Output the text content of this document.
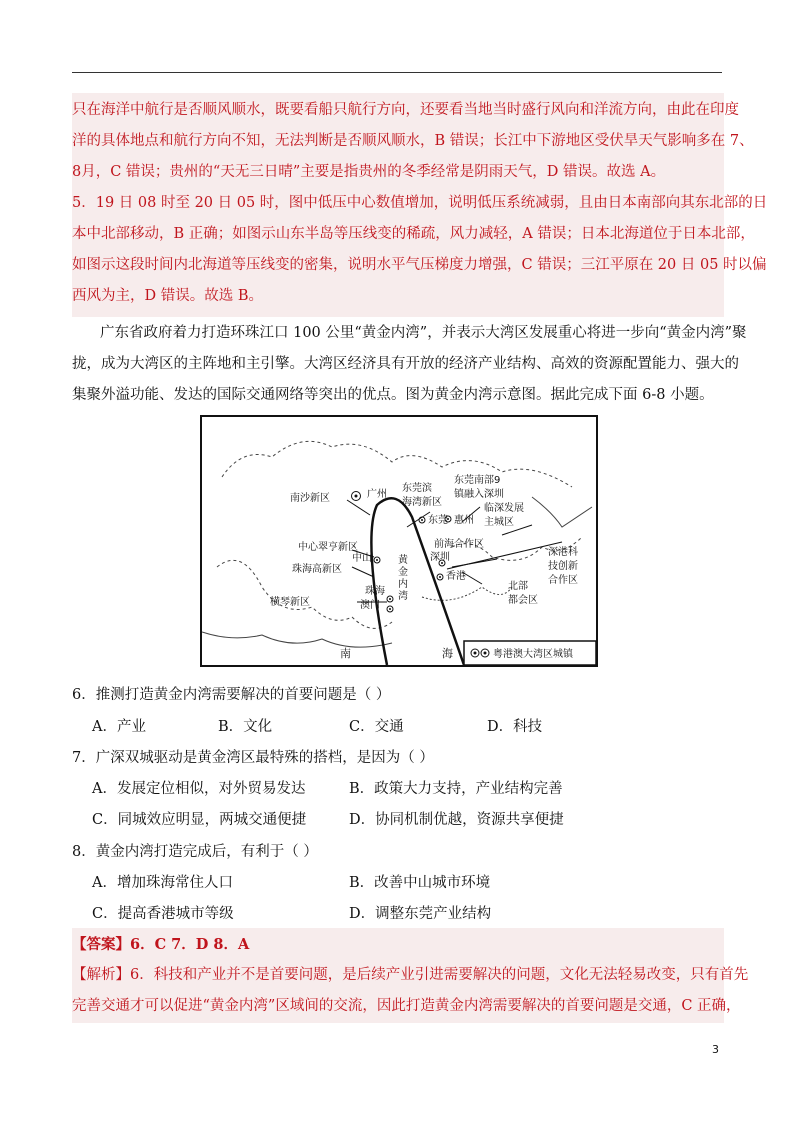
只在海洋中航行是否顺风顺水，既要看船只航行方向，还要看当地当时盛行风向和洋流方向，由此在印度
洋的具体地点和航行方向不知，无法判断是否顺风顺水，B 错误；长江中下游地区受伏旱天气影响多在 7、
8月，C 错误；贵州的“天无三日晴”主要是指贵州的冬季经常是阴雨天气，D 错误。故选 A。
5．19 日 08 时至 20 日 05 时，图中低压中心数值增加，说明低压系统减弱，且由日本南部向其东北部的日
本中北部移动，B 正确；如图示山东半岛等压线变的稀疏，风力减轻，A 错误；日本北海道位于日本北部，
如图示这段时间内北海道等压线变的密集，说明水平气压梯度力增强，C 错误；三江平原在 20 日 05 时以偏
西风为主，D 错误。故选 B。
广东省政府着力打造环珠江口 100 公里“黄金内湾”，并表示大湾区发展重心将进一步向“黄金内湾”聚
拢，成为大湾区的主阵地和主引擎。大湾区经济具有开放的经济产业结构、高效的资源配置能力、强大的
集聚外溢功能、发达的国际交通网络等突出的优点。图为黄金内湾示意图。据此完成下面 6-8 小题。
南沙新区	广州
东莞滨
海湾新区
东莞
东莞南部9
镇融入深圳
惠州
临深发展
主城区
中心翠亨新区
中山	黄
金
内
湾
前海合作区
深圳
珠海高新区
香港
深港科
技创新
合作区
珠海
澳门
北部
都会区
横琴新区
南	海	粤港澳大湾区城镇
6．推测打造黄金内湾需要解决的首要问题是（ ）
A．产业	B．文化	C．交通	D．科技
7．广深双城驱动是黄金湾区最特殊的搭档，是因为（ ）
A．发展定位相似，对外贸易发达	B．政策大力支持，产业结构完善
C．同城效应明显，两城交通便捷	D．协同机制优越，资源共享便捷
8．黄金内湾打造完成后，有利于（ ）
A．增加珠海常住人口	B．改善中山城市环境
C．提高香港城市等级	D．调整东莞产业结构
【答案】6．C 7．D 8．A
【解析】6．科技和产业并不是首要问题，是后续产业引进需要解决的问题，文化无法轻易改变，只有首先
完善交通才可以促进“黄金内湾”区域间的交流，因此打造黄金内湾需要解决的首要问题是交通，C 正确，
3
